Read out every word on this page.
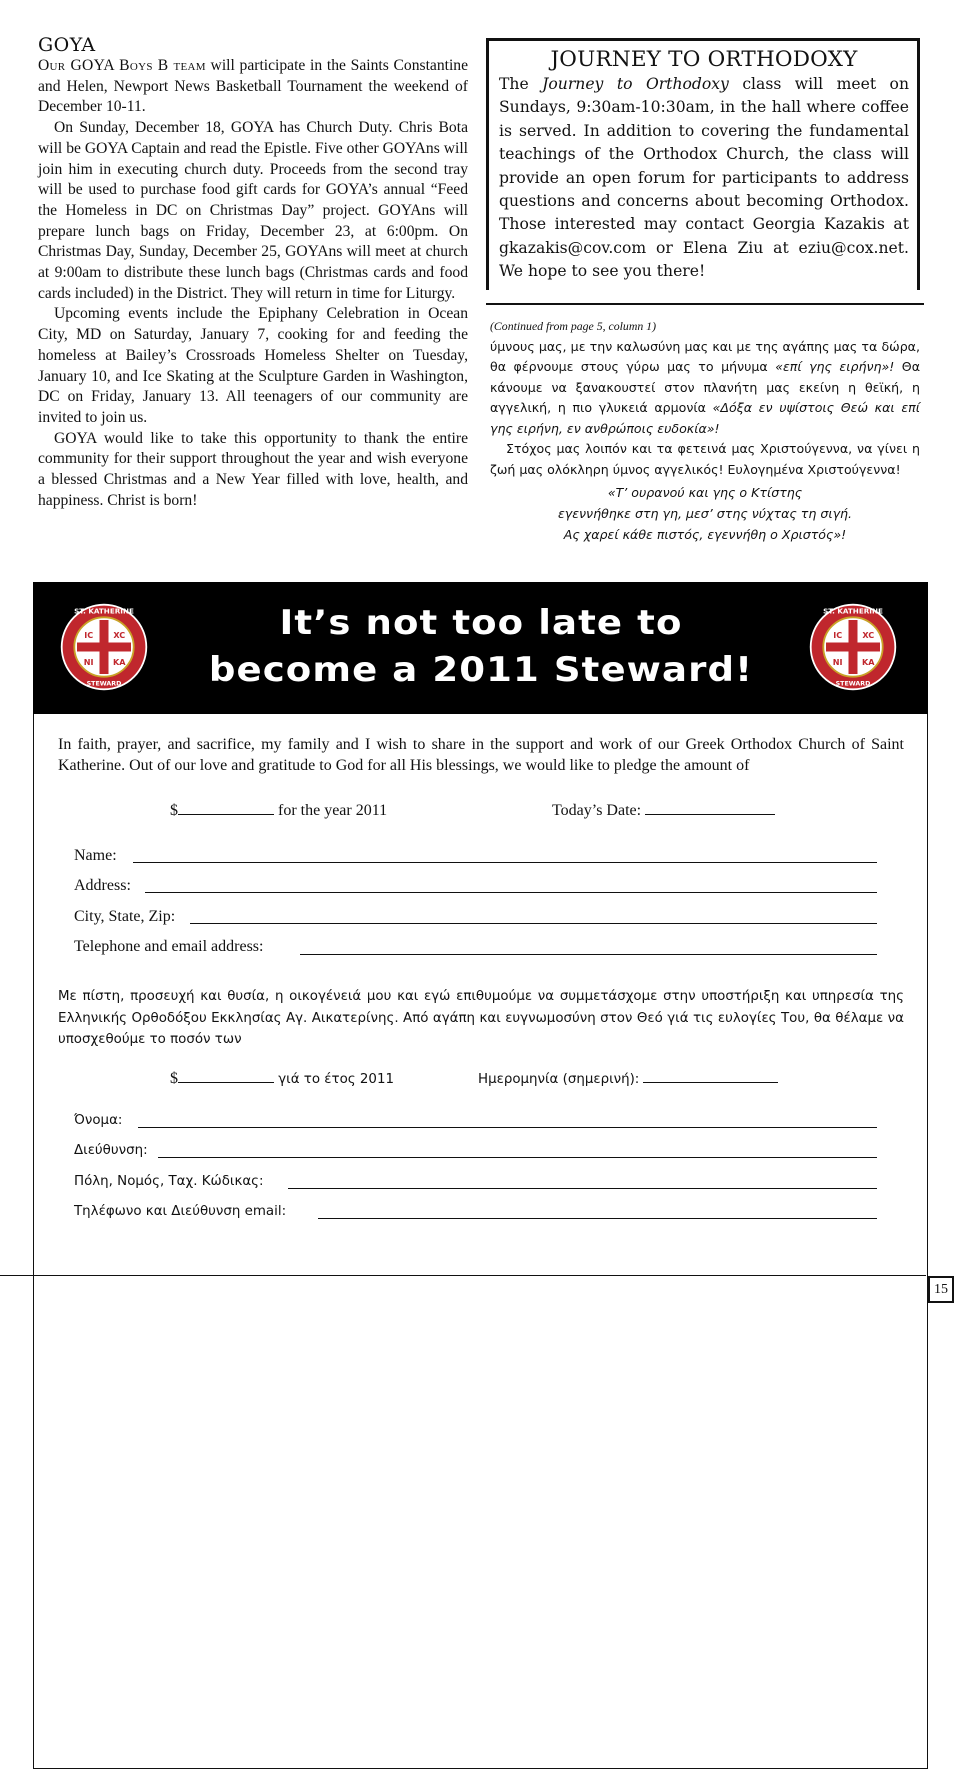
GOYA

Our GOYA Boys B team will participate in the Saints Constantine and Helen, Newport News Basketball Tournament the weekend of December 10-11.

On Sunday, December 18, GOYA has Church Duty. Chris Bota will be GOYA Captain and read the Epistle. Five other GOYAns will join him in executing church duty. Proceeds from the second tray will be used to purchase food gift cards for GOYA’s annual “Feed the Homeless in DC on Christmas Day” project. GOYAns will prepare lunch bags on Friday, December 23, at 6:00pm. On Christmas Day, Sunday, December 25, GOYAns will meet at church at 9:00am to distribute these lunch bags (Christmas cards and food cards included) in the District. They will return in time for Liturgy.

Upcoming events include the Epiphany Celebration in Ocean City, MD on Saturday, January 7, cooking for and feeding the homeless at Bailey’s Crossroads Homeless Shelter on Tuesday, January 10, and Ice Skating at the Sculpture Garden in Washington, DC on Friday, January 13. All teenagers of our community are invited to join us.

GOYA would like to take this opportunity to thank the entire community for their support throughout the year and wish everyone a blessed Christmas and a New Year filled with love, health, and happiness. Christ is born!

JOURNEY TO ORTHODOXY

The Journey to Orthodoxy class will meet on Sundays, 9:30am-10:30am, in the hall where coffee is served. In addition to covering the fundamental teachings of the Orthodox Church, the class will provide an open forum for participants to address questions and concerns about becoming Orthodox. Those interested may contact Georgia Kazakis at gkazakis@cov.com or Elena Ziu at eziu@cox.net. We hope to see you there!

(Continued from page 5, column 1)

ύμνους μας, με την καλωσύνη μας και με της αγάπης μας τα δώρα, θα φέρνουμε στους γύρω μας το μήνυμα «επί γης ειρήνη»! Θα κάνουμε να ξανακουστεί στον πλανήτη μας εκείνη η θεϊκή, η αγγελική, η πιο γλυκειά αρμονία «Δόξα εν υψίστοις Θεώ και επί γης ειρήνη, εν ανθρώποις ευδοκία»!

Στόχος μας λοιπόν και τα φετεινά μας Χριστούγεννα, να γίνει η ζωή μας ολόκληρη ύμνος αγγελικός! Ευλογημένα Χριστούγεννα!

«Τ’ ουρανού και γης ο Κτίστης
εγεννήθηκε στη γη, μεσ’ στης νύχτας τη σιγή.
Ας χαρεί κάθε πιστός, εγεννήθη ο Χριστός»!

ST. KATHERINE
STEWARD
IC XC
NI KA
ST. KATHERINE
STEWARD
IC XC
NI KA
It’s not too late to
become a 2011 Steward!
In faith, prayer, and sacrifice, my family and I wish to share in the support and work of our Greek Orthodox Church of Saint Katherine. Out of our love and gratitude to God for all His blessings, we would like to pledge the amount of
$	for the year 2011	Today’s Date:
Name:
Address:
City, State, Zip:
Telephone and email address:
Με πίστη, προσευχή και θυσία, η οικογένειά μου και εγώ επιθυμούμε να συμμετάσχομε στην υποστήριξη και υπηρεσία της Ελληνικής Ορθοδόξου Εκκλησίας Αγ. Αικατερίνης. Από αγάπη και ευγνωμοσύνη στον Θεό γιά τις ευλογίες Του, θα θέλαμε να υποσχεθούμε το ποσόν των
$	γιά το έτος 2011	Ημερομηνία (σημερινή):
Όνομα:
Διεύθυνση:
Πόλη, Νομός, Ταχ. Κώδικας:
Τηλέφωνο και Διεύθυνση email:
15
